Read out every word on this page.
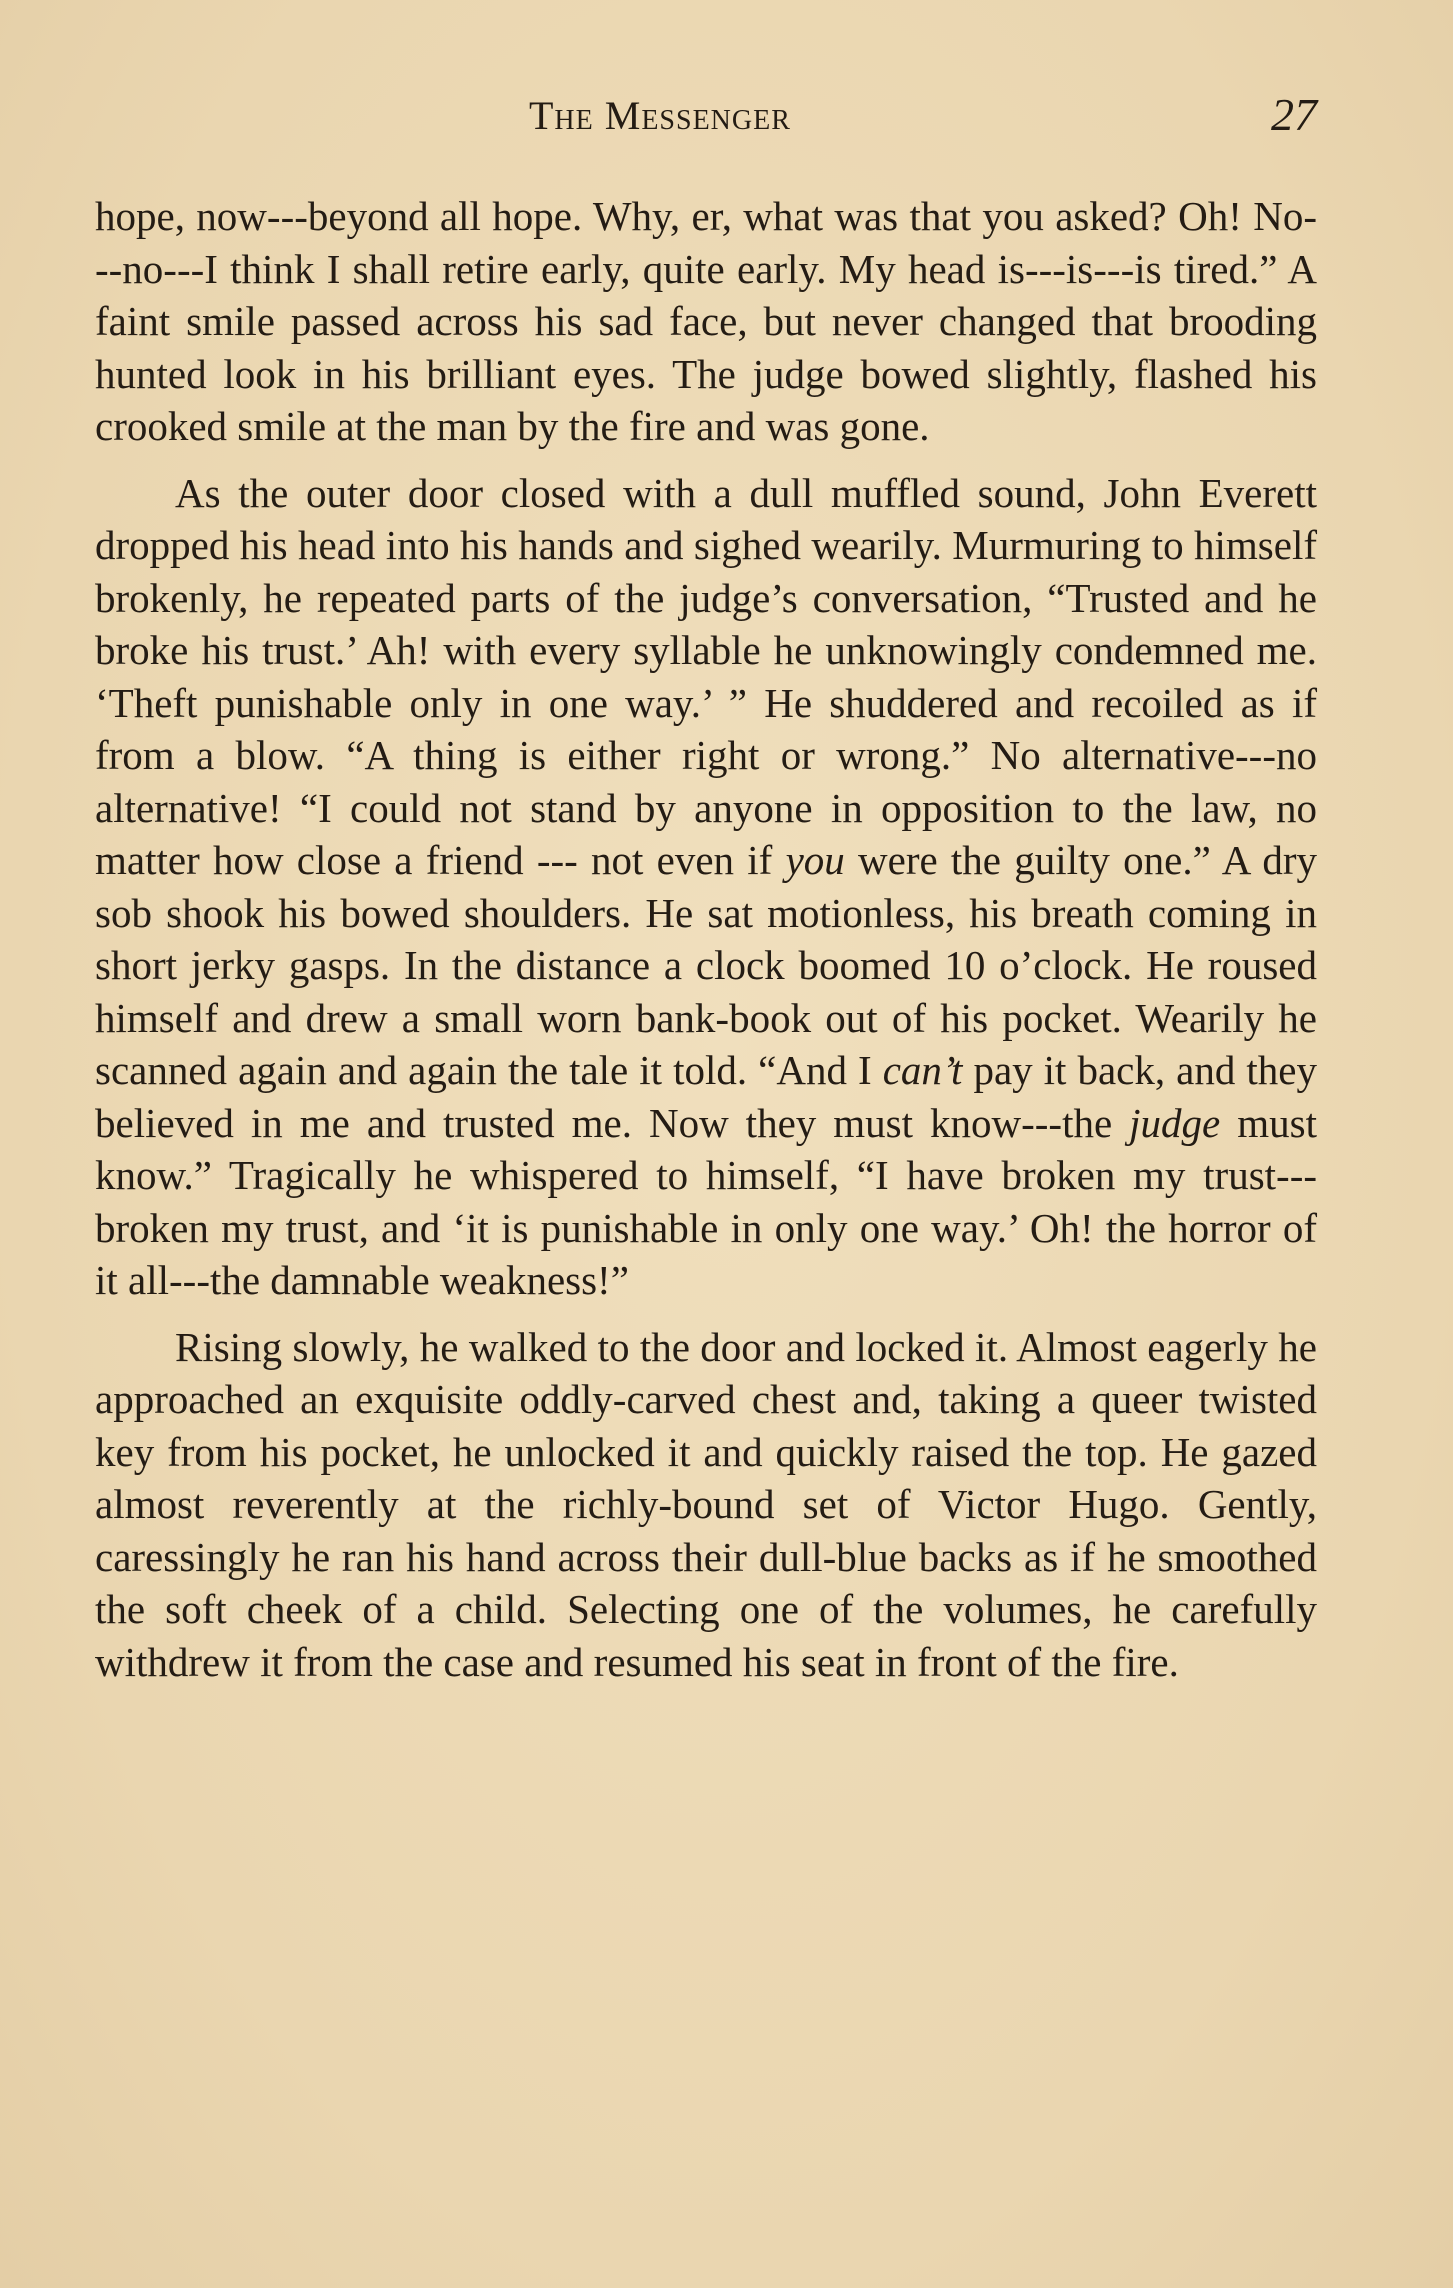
The Messenger	27

hope, now---beyond all hope. Why, er, what was that you asked? Oh! No---no---I think I shall retire early, quite early. My head is---is---is tired.” A faint smile passed across his sad face, but never changed that brooding hunted look in his brilliant eyes. The judge bowed slightly, flashed his crooked smile at the man by the fire and was gone.

As the outer door closed with a dull muffled sound, John Everett dropped his head into his hands and sighed wearily. Murmuring to himself brokenly, he repeated parts of the judge’s conversation, “Trusted and he broke his trust.’ Ah! with every syllable he unknowingly condemned me. ‘Theft punishable only in one way.’ ” He shuddered and recoiled as if from a blow. “A thing is either right or wrong.” No alternative---no alternative! “I could not stand by anyone in opposition to the law, no matter how close a friend --- not even if you were the guilty one.” A dry sob shook his bowed shoulders. He sat motionless, his breath coming in short jerky gasps. In the distance a clock boomed 10 o’clock. He roused himself and drew a small worn bank-book out of his pocket. Wearily he scanned again and again the tale it told. “And I can’t pay it back, and they believed in me and trusted me. Now they must know---the judge must know.” Tragically he whispered to himself, “I have broken my trust---broken my trust, and ‘it is punishable in only one way.’ Oh! the horror of it all---the damnable weakness!”

Rising slowly, he walked to the door and locked it. Almost eagerly he approached an exquisite oddly-carved chest and, taking a queer twisted key from his pocket, he unlocked it and quickly raised the top. He gazed almost reverently at the richly-bound set of Victor Hugo. Gently, caressingly he ran his hand across their dull-blue backs as if he smoothed the soft cheek of a child. Selecting one of the volumes, he carefully withdrew it from the case and resumed his seat in front of the fire.
